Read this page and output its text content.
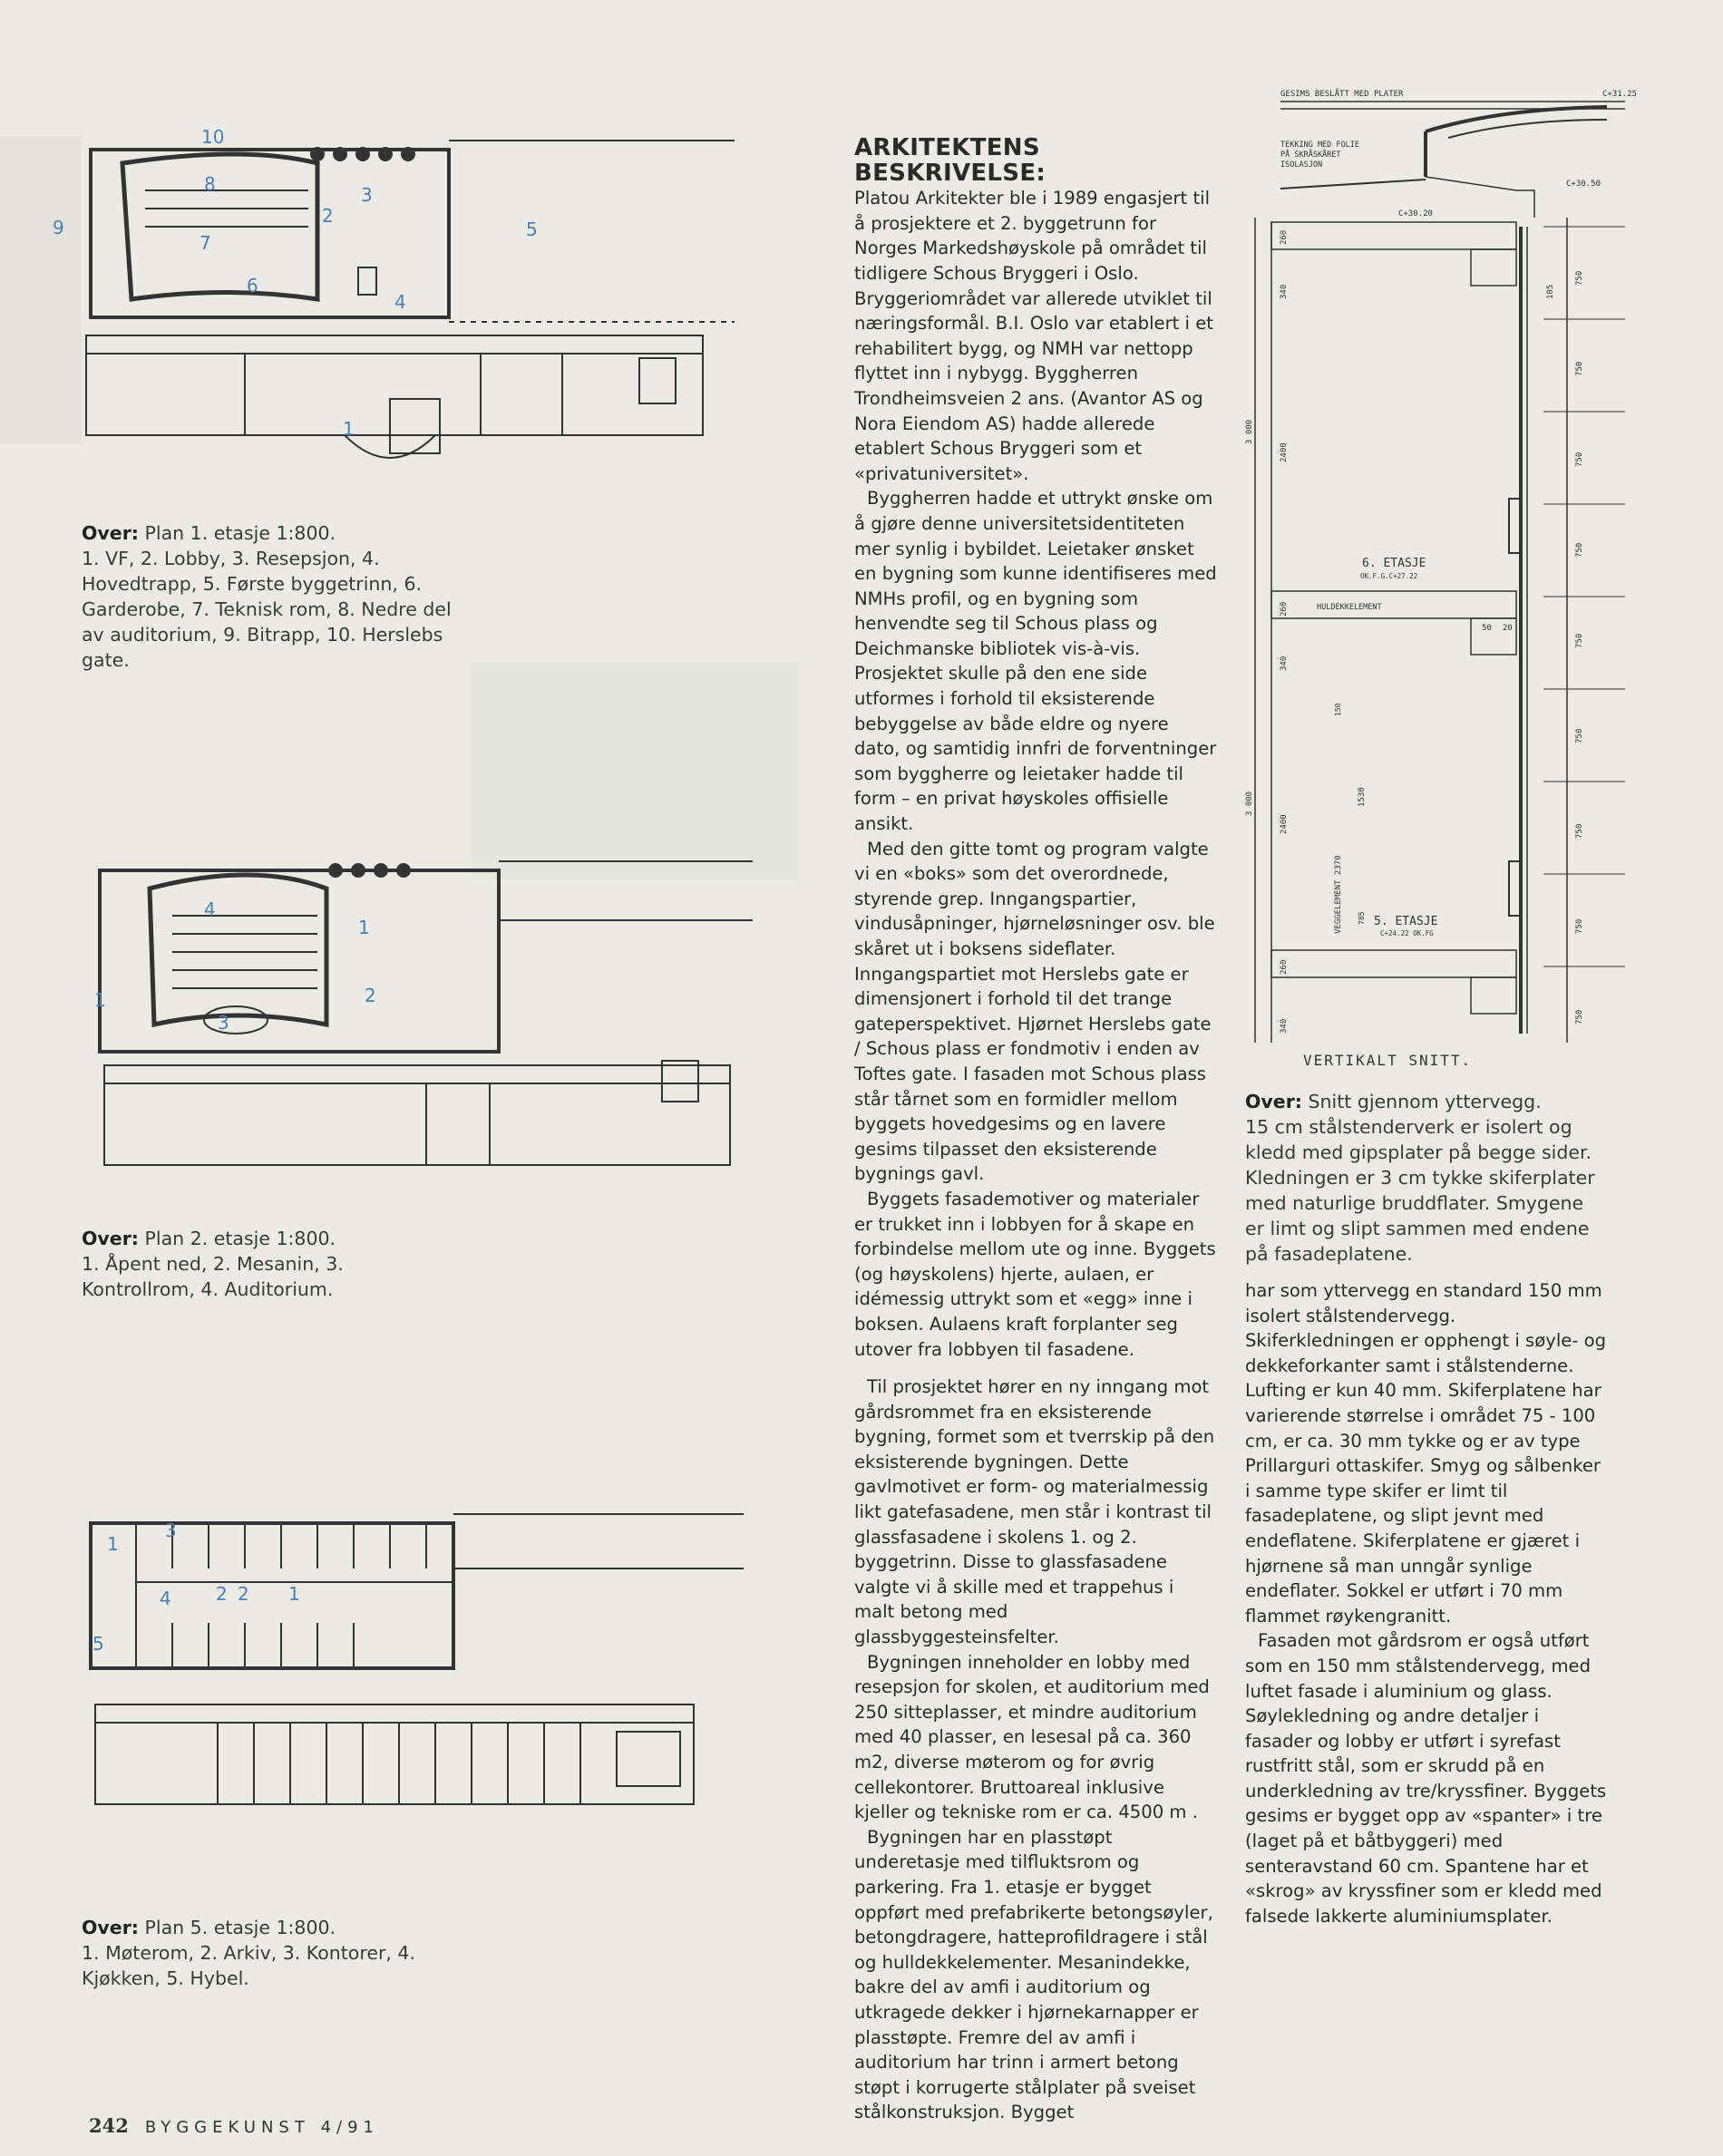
10
8	3
2
7
6
4
9	5
1
Over: Plan 1. etasje 1:800.
1. VF, 2. Lobby, 3. Resepsjon, 4. Hovedtrapp, 5. Første byggetrinn, 6. Garderobe, 7. Teknisk rom, 8. Nedre del av auditorium, 9. Bitrapp, 10. Herslebs gate.
4
1
2
3
1
Over: Plan 2. etasje 1:800.
1. Åpent ned, 2. Mesanin, 3. Kontrollrom, 4. Auditorium.
3
1
4 2 2 1
5
Over: Plan 5. etasje 1:800.
1. Møterom, 2. Arkiv, 3. Kontorer, 4. Kjøkken, 5. Hybel.
ARKITEKTENS BESKRIVELSE:

Platou Arkitekter ble i 1989 engasjert til å prosjektere et 2. byggetrunn for Norges Markedshøyskole på området til tidligere Schous Bryggeri i Oslo. Bryggeriområdet var allerede utviklet til næringsformål. B.I. Oslo var etablert i et rehabilitert bygg, og NMH var nettopp flyttet inn i nybygg. Byggherren Trondheimsveien 2 ans. (Avantor AS og Nora Eiendom AS) hadde allerede etablert Schous Bryggeri som et «privatuniversitet».

Byggherren hadde et uttrykt ønske om å gjøre denne universitetsidentiteten mer synlig i bybildet. Leietaker ønsket en bygning som kunne identifiseres med NMHs profil, og en bygning som henvendte seg til Schous plass og Deichmanske bibliotek vis-à-vis. Prosjektet skulle på den ene side utformes i forhold til eksisterende bebyggelse av både eldre og nyere dato, og samtidig innfri de forventninger som byggherre og leietaker hadde til form – en privat høyskoles offisielle ansikt.

Med den gitte tomt og program valgte vi en «boks» som det overordnede, styrende grep. Inngangspartier, vindusåpninger, hjørneløsninger osv. ble skåret ut i boksens sideflater. Inngangspartiet mot Herslebs gate er dimensjonert i forhold til det trange gateperspektivet. Hjørnet Herslebs gate / Schous plass er fondmotiv i enden av Toftes gate. I fasaden mot Schous plass står tårnet som en formidler mellom byggets hovedgesims og en lavere gesims tilpasset den eksisterende bygnings gavl.

Byggets fasademotiver og materialer er trukket inn i lobbyen for å skape en forbindelse mellom ute og inne. Byggets (og høyskolens) hjerte, aulaen, er idémessig uttrykt som et «egg» inne i boksen. Aulaens kraft forplanter seg utover fra lobbyen til fasadene.

Til prosjektet hører en ny inngang mot gårdsrommet fra en eksisterende bygning, formet som et tverrskip på den eksisterende bygningen. Dette gavlmotivet er form- og materialmessig likt gatefasadene, men står i kontrast til glassfasadene i skolens 1. og 2. byggetrinn. Disse to glassfasadene valgte vi å skille med et trappehus i malt betong med glassbyggesteinsfelter.

Bygningen inneholder en lobby med resepsjon for skolen, et auditorium med 250 sitteplasser, et mindre auditorium med 40 plasser, en lesesal på ca. 360 m2, diverse møterom og for øvrig cellekontorer. Bruttoareal inklusive kjeller og tekniske rom er ca. 4500 m .

Bygningen har en plasstøpt underetasje med tilfluktsrom og parkering. Fra 1. etasje er bygget oppført med prefabrikerte betongsøyler, betongdragere, hatteprofildragere i stål og hulldekkelementer. Mesanindekke, bakre del av amfi i auditorium og utkragede dekker i hjørnekarnapper er plasstøpte. Fremre del av amfi i auditorium har trinn i armert betong støpt i korrugerte stålplater på sveiset stålkonstruksjon. Bygget

GESIMS BESLÅTT MED PLATER	C+31.25
TEKKING MED FOLIE
PÅ SKRÅSKÅRET
ISOLASJON
C+30.50
C+30.20
260
340
3 000
2400
750
750
750
750
750
750
750
750
750
105
6. ETASJE
OK.F.G.C+27.22
HULDEKKELEMENT
260
340
50 20
3 000
2400
VEGGELEMENT 2370
1530
785
150
5. ETASJE
C+24.22 OK.FG
260
340
VERTIKALT SNITT.
Over: Snitt gjennom yttervegg.
15 cm stålstenderverk er isolert og kledd med gipsplater på begge sider. Kledningen er 3 cm tykke skiferplater med naturlige bruddflater. Smygene er limt og slipt sammen med endene på fasadeplatene.

har som yttervegg en standard 150 mm isolert stålstendervegg. Skiferkledningen er opphengt i søyle- og dekkeforkanter samt i stålstenderne. Lufting er kun 40 mm. Skiferplatene har varierende størrelse i området 75 - 100 cm, er ca. 30 mm tykke og er av type Prillarguri ottaskifer. Smyg og sålbenker i samme type skifer er limt til fasadeplatene, og slipt jevnt med endeflatene. Skiferplatene er gjæret i hjørnene så man unngår synlige endeflater. Sokkel er utført i 70 mm flammet røykengranitt.

Fasaden mot gårdsrom er også utført som en 150 mm stålstendervegg, med luftet fasade i aluminium og glass. Søylekledning og andre detaljer i fasader og lobby er utført i syrefast rustfritt stål, som er skrudd på en underkledning av tre/kryssfiner. Byggets gesims er bygget opp av «spanter» i tre (laget på et båtbyggeri) med senteravstand 60 cm. Spantene har et «skrog» av kryssfiner som er kledd med falsede lakkerte aluminiumsplater.

242 BYGGEKUNST 4/91
